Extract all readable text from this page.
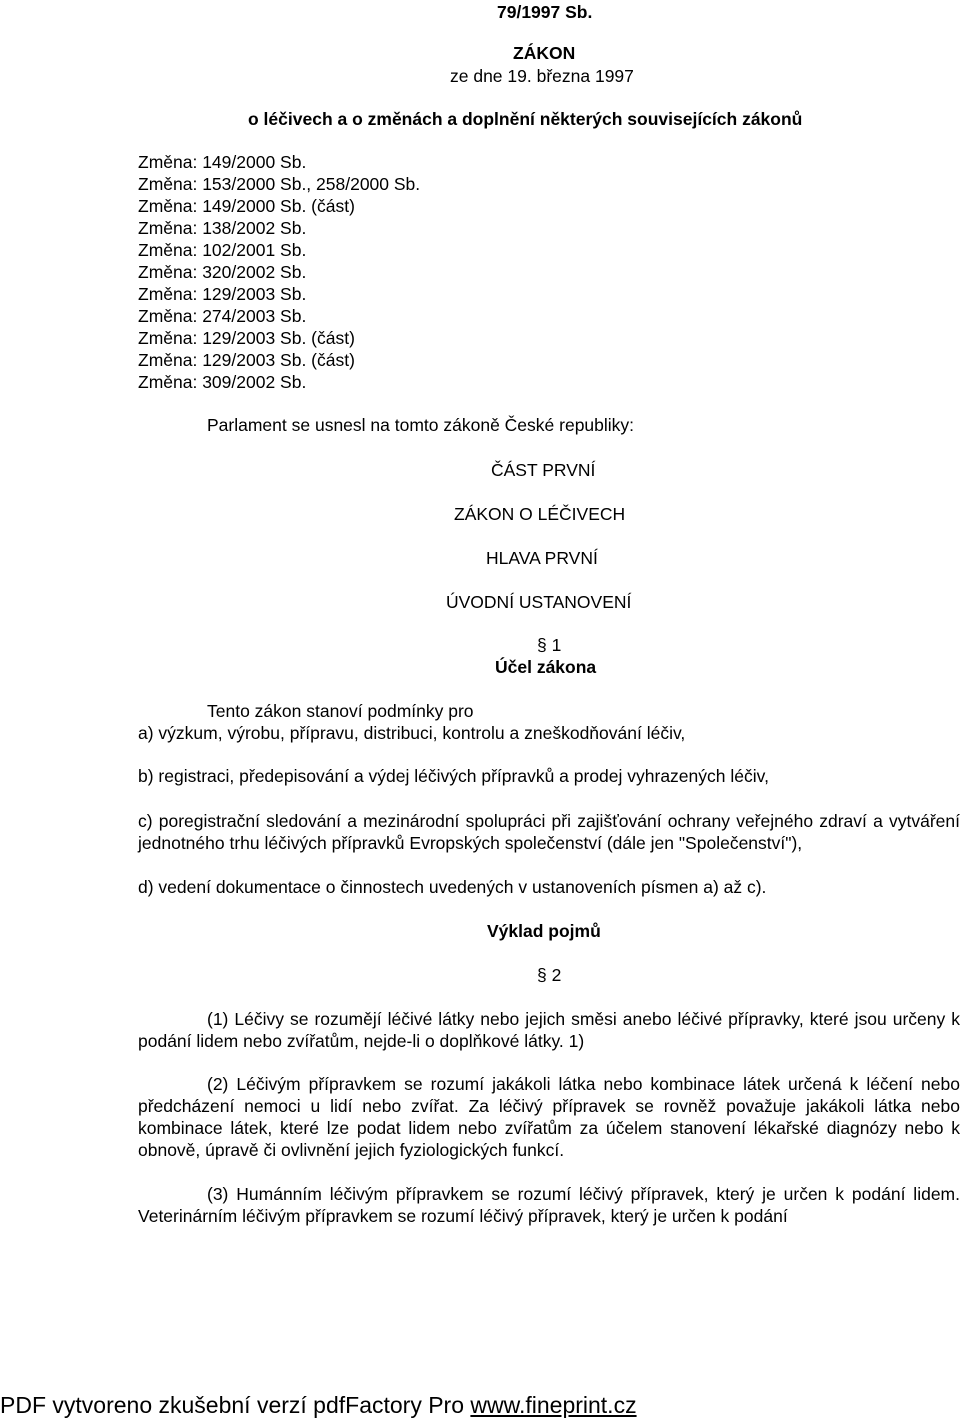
79/1997 Sb.
ZÁKON
ze dne 19. března 1997
o léčivech a o změnách a doplnění některých souvisejících zákonů
Změna: 149/2000 Sb.
Změna: 153/2000 Sb., 258/2000 Sb.
Změna: 149/2000 Sb. (část)
Změna: 138/2002 Sb.
Změna: 102/2001 Sb.
Změna: 320/2002 Sb.
Změna: 129/2003 Sb.
Změna: 274/2003 Sb.
Změna: 129/2003 Sb. (část)
Změna: 129/2003 Sb. (část)
Změna: 309/2002 Sb.
Parlament se usnesl na tomto zákoně České republiky:
ČÁST PRVNÍ
ZÁKON O LÉČIVECH
HLAVA PRVNÍ
ÚVODNÍ USTANOVENÍ
§ 1
Účel zákona
Tento zákon stanoví podmínky pro
a) výzkum, výrobu, přípravu, distribuci, kontrolu a zneškodňování léčiv,
b) registraci, předepisování a výdej léčivých přípravků a prodej vyhrazených léčiv,
c) poregistrační sledování a mezinárodní spolupráci při zajišťování ochrany veřejného zdraví a vytváření jednotného trhu léčivých přípravků Evropských společenství (dále jen "Společenství"),
d) vedení dokumentace o činnostech uvedených v ustanoveních písmen a) až c).
Výklad pojmů
§ 2
(1) Léčivy se rozumějí léčivé látky nebo jejich směsi anebo léčivé přípravky, které jsou určeny k podání lidem nebo zvířatům, nejde-li o doplňkové látky. 1)
(2) Léčivým přípravkem se rozumí jakákoli látka nebo kombinace látek určená k léčení nebo předcházení nemoci u lidí nebo zvířat. Za léčivý přípravek se rovněž považuje jakákoli látka nebo kombinace látek, které lze podat lidem nebo zvířatům za účelem stanovení lékařské diagnózy nebo k obnově, úpravě či ovlivnění jejich fyziologických funkcí.
(3) Humánním léčivým přípravkem se rozumí léčivý přípravek, který je určen k podání lidem. Veterinárním léčivým přípravkem se rozumí léčivý přípravek, který je určen k podání
PDF vytvoreno zkušební verzí pdfFactory Pro www.fineprint.cz
